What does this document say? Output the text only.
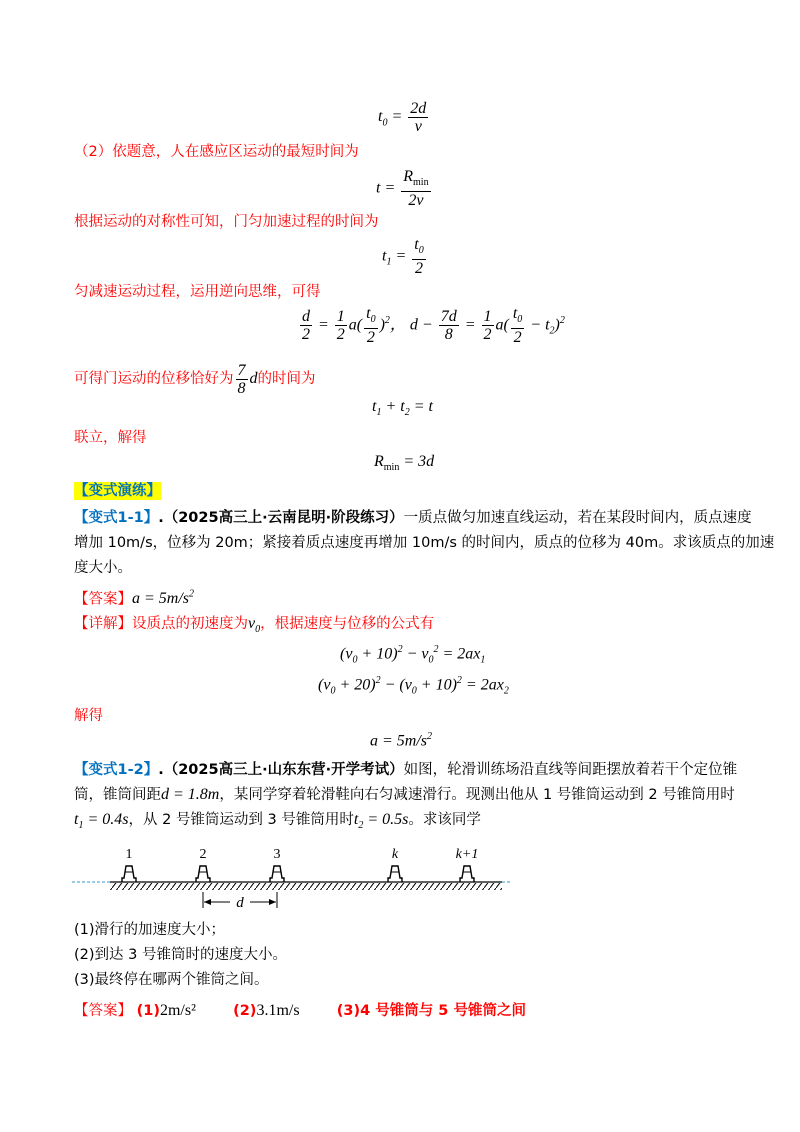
$t_0 = \frac{2d}{v}$
（2）依题意，人在感应区运动的最短时间为
$t = \frac{R_{min}}{2v}$
根据运动的对称性可知，门匀加速过程的时间为
$t_1 = \frac{t_0}{2}$
匀减速运动过程，运用逆向思维，可得
$\frac{d}{2} = \frac{1}{2} a( \frac{t_0}{2} )^2$， $d - \frac{7d}{8} = \frac{1}{2} a( \frac{t_0}{2} - t_2)^2$
可得门运动的位移恰好为 $\frac{7}{8}$ d的时间为
$t_1 + t_2 = t$
联立，解得
$R_{min} = 3d$
【变式演练】
【变式1-1】.（2025高三上·云南昆明·阶段练习）一质点做匀加速直线运动，若在某段时间内，质点速度
增加 10m/s，位移为 20m；紧接着质点速度再增加 10m/s 的时间内，质点的位移为 40m。求该质点的加速
度大小。
【答案】$a = 5m/s^2$
【详解】设质点的初速度为$v_0$，根据速度与位移的公式有
$(v_0 + 10)^2 - v_0^2 = 2ax_1$
$(v_0 + 20)^2 - (v_0 + 10)^2 = 2ax_2$
解得
$a = 5m/s^2$
【变式1-2】.（2025高三上·山东东营·开学考试）如图，轮滑训练场沿直线等间距摆放着若干个定位锥
筒，锥筒间距d = 1.8m，某同学穿着轮滑鞋向右匀减速滑行。现测出他从 1 号锥筒运动到 2 号锥筒用时
$t_1 = 0.4s$，从 2 号锥筒运动到 3 号锥筒用时$t_2 = 0.5s$。求该同学
1	2	3	k	k+1
d
(1)滑行的加速度大小；
(2)到达 3 号锥筒时的速度大小。
(3)最终停在哪两个锥筒之间。
【答案】 (1)2m/s²	(2)3.1m/s	(3)4 号锥筒与 5 号锥筒之间
